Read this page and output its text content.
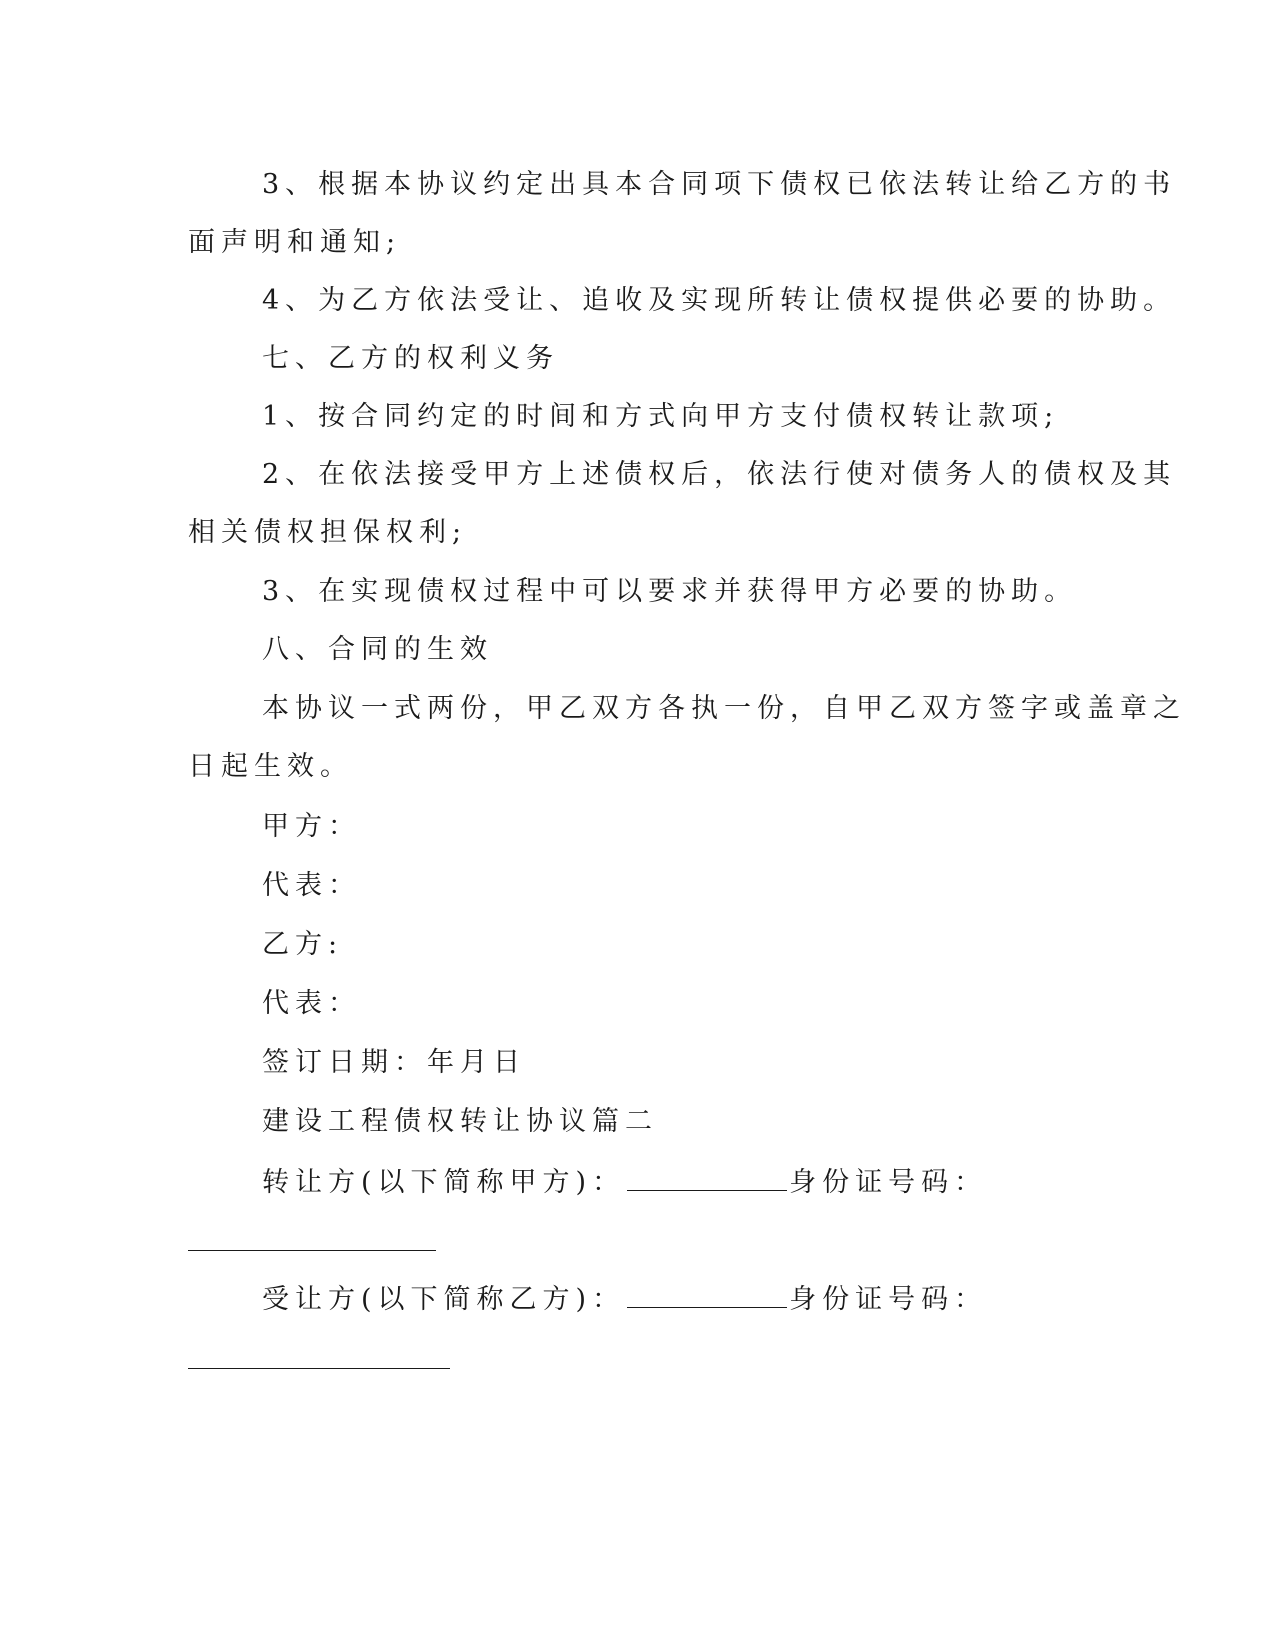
3、根据本协议约定出具本合同项下债权已依法转让给乙方的书
面声明和通知;
4、为乙方依法受让、追收及实现所转让债权提供必要的协助。
七、乙方的权利义务
1、按合同约定的时间和方式向甲方支付债权转让款项;
2、在依法接受甲方上述债权后，依法行使对债务人的债权及其
相关债权担保权利;
3、在实现债权过程中可以要求并获得甲方必要的协助。
八、合同的生效
本协议一式两份，甲乙双方各执一份，自甲乙双方签字或盖章之
日起生效。
甲方：
代表：
乙方:
代表：
签订日期：年月日
建设工程债权转让协议篇二
转让方(以下简称甲方)：	身份证号码：
受让方(以下简称乙方)：	身份证号码：
